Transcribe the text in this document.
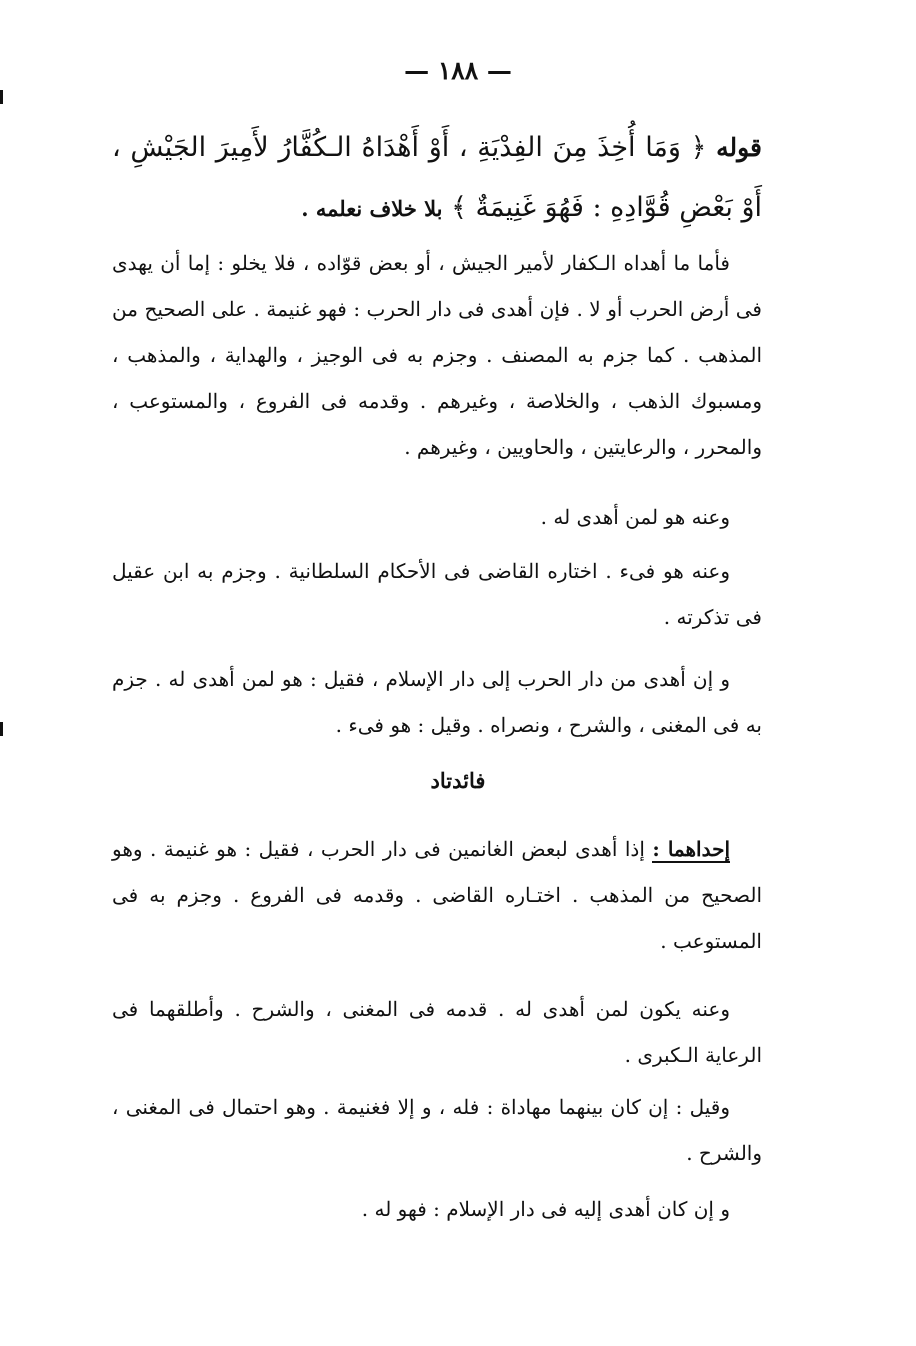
— ١٨٨ —
قوله ﴿ وَمَا أُخِذَ مِنَ الفِدْيَةِ ، أَوْ أَهْدَاهُ الـكُفَّارُ لأَمِيرَ الجَيْشِ ، أَوْ بَعْضِ قُوَّادِهِ : فَهُوَ غَنِيمَةٌ ﴾ بلا خلاف نعلمه .

فأما ما أهداه الـكفار لأمير الجيش ، أو بعض قوّاده ، فلا يخلو : إما أن يهدى فى أرض الحرب أو لا . فإن أهدى فى دار الحرب : فهو غنيمة . على الصحيح من المذهب . كما جزم به المصنف . وجزم به فى الوجيز ، والهداية ، والمذهب ، ومسبوك الذهب ، والخلاصة ، وغيرهم . وقدمه فى الفروع ، والمستوعب ، والمحرر ، والرعايتين ، والحاويين ، وغيرهم .

وعنه هو لمن أهدى له .

وعنه هو فىء . اختاره القاضى فى الأحكام السلطانية . وجزم به ابن عقيل فى تذكرته .

و إن أهدى من دار الحرب إلى دار الإسلام ، فقيل : هو لمن أهدى له . جزم به فى المغنى ، والشرح ، ونصراه . وقيل : هو فىء .

فائدتاد

إحداهما : إذا أهدى لبعض الغانمين فى دار الحرب ، فقيل : هو غنيمة . وهو الصحيح من المذهب . اختـاره القاضى . وقدمه فى الفروع . وجزم به فى المستوعب .

وعنه يكون لمن أهدى له . قدمه فى المغنى ، والشرح . وأطلقهما فى الرعاية الـكبرى .

وقيل : إن كان بينهما مهاداة : فله ، و إلا فغنيمة . وهو احتمال فى المغنى ، والشرح .

و إن كان أهدى إليه فى دار الإسلام : فهو له .
